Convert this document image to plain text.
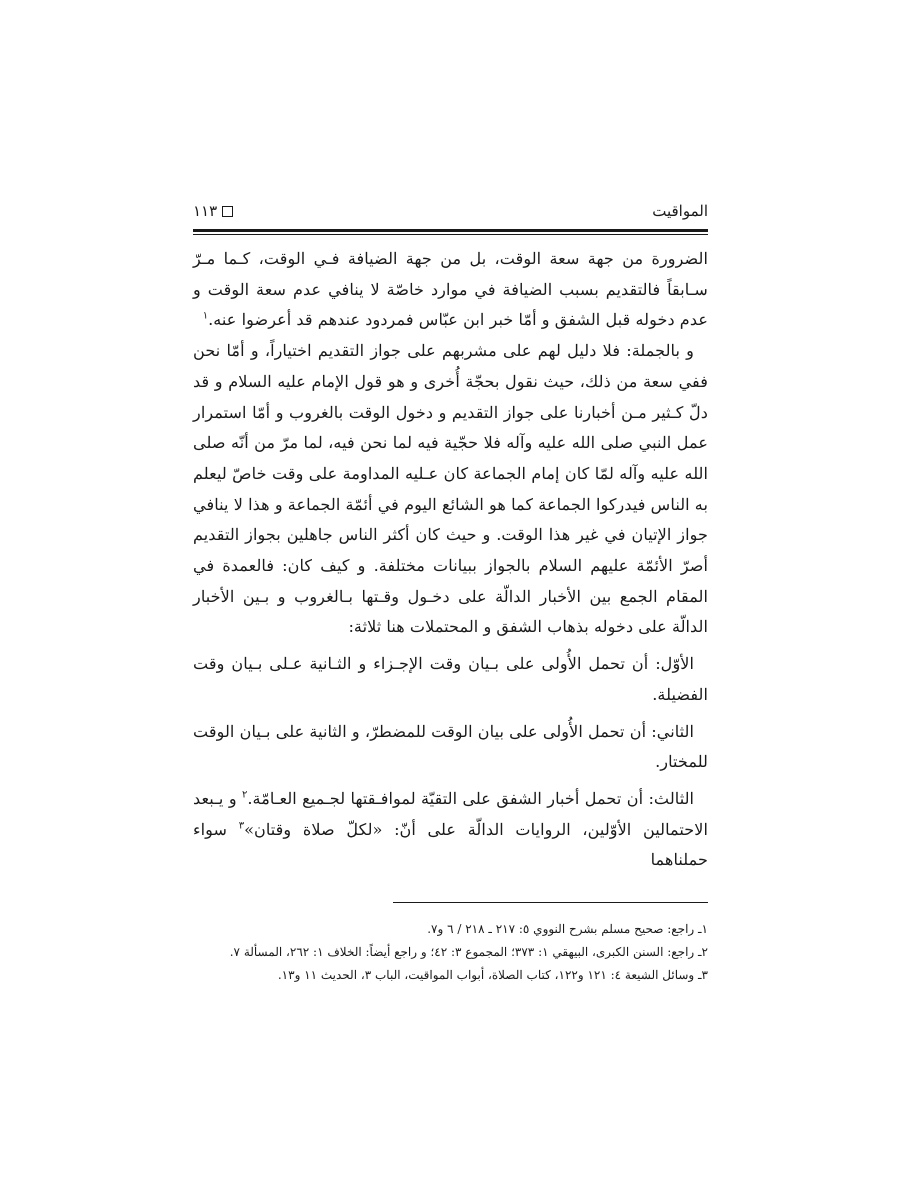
١١٣	المواقيت

الضرورة من جهة سعة الوقت، بل من جهة الضيافة فـي الوقت، كـما مـرّ سـابقاً فالتقديم بسبب الضيافة في موارد خاصّة لا ينافي عدم سعة الوقت و عدم دخوله قبل الشفق و أمّا خبر ابن عبّاس فمردود عندهم قد أعرضوا عنه.$^١$

و بالجملة: فلا دليل لهم على مشربهم على جواز التقديم اختياراً، و أمّا نحن ففي سعة من ذلك، حيث نقول بحجّة أُخرى و هو قول الإمام عليه السلام و قد دلّ كـثير مـن أخبارنا على جواز التقديم و دخول الوقت بالغروب و أمّا استمرار عمل النبي صلى الله عليه وآله فلا حجّية فيه لما نحن فيه، لما مرّ من أنّه صلى الله عليه وآله لمّا كان إمام الجماعة كان عـليه المداومة على وقت خاصّ ليعلم به الناس فيدركوا الجماعة كما هو الشائع اليوم في أئمّة الجماعة و هذا لا ينافي جواز الإتيان في غير هذا الوقت. و حيث كان أكثر الناس جاهلين بجواز التقديم أصرّ الأئمّة عليهم السلام بالجواز ببيانات مختلفة. و كيف كان: فالعمدة في المقام الجمع بين الأخبار الدالّة على دخـول وقـتها بـالغروب و بـين الأخبار الدالّة على دخوله بذهاب الشفق و المحتملات هنا ثلاثة:

الأوّل: أن تحمل الأُولى على بـيان وقت الإجـزاء و الثـانية عـلى بـيان وقت الفضيلة.

الثاني: أن تحمل الأُولى على بيان الوقت للمضطرّ، و الثانية على بـيان الوقت للمختار.

الثالث: أن تحمل أخبار الشفق على التقيّة لموافـقتها لجـميع العـامّة.$^٢$ و يـبعد الاحتمالين الأوّلين، الروايات الدالّة على أنّ: «لكلّ صلاة وقتان»$^٣$ سواء حملناهما

١ـ راجع: صحيح مسلم بشرح النووي ٥: ٢١٧ ـ ٢١٨ / ٦ و٧.
٢ـ راجع: السنن الكبرى، البيهقي ١: ٣٧٣؛ المجموع ٣: ٤٢؛ و راجع أيضاً: الخلاف ١: ٢٦٢، المسألة ٧.
٣ـ وسائل الشيعة ٤: ١٢١ و١٢٢، كتاب الصلاة، أبواب المواقيت، الباب ٣، الحديث ١١ و١٣.
